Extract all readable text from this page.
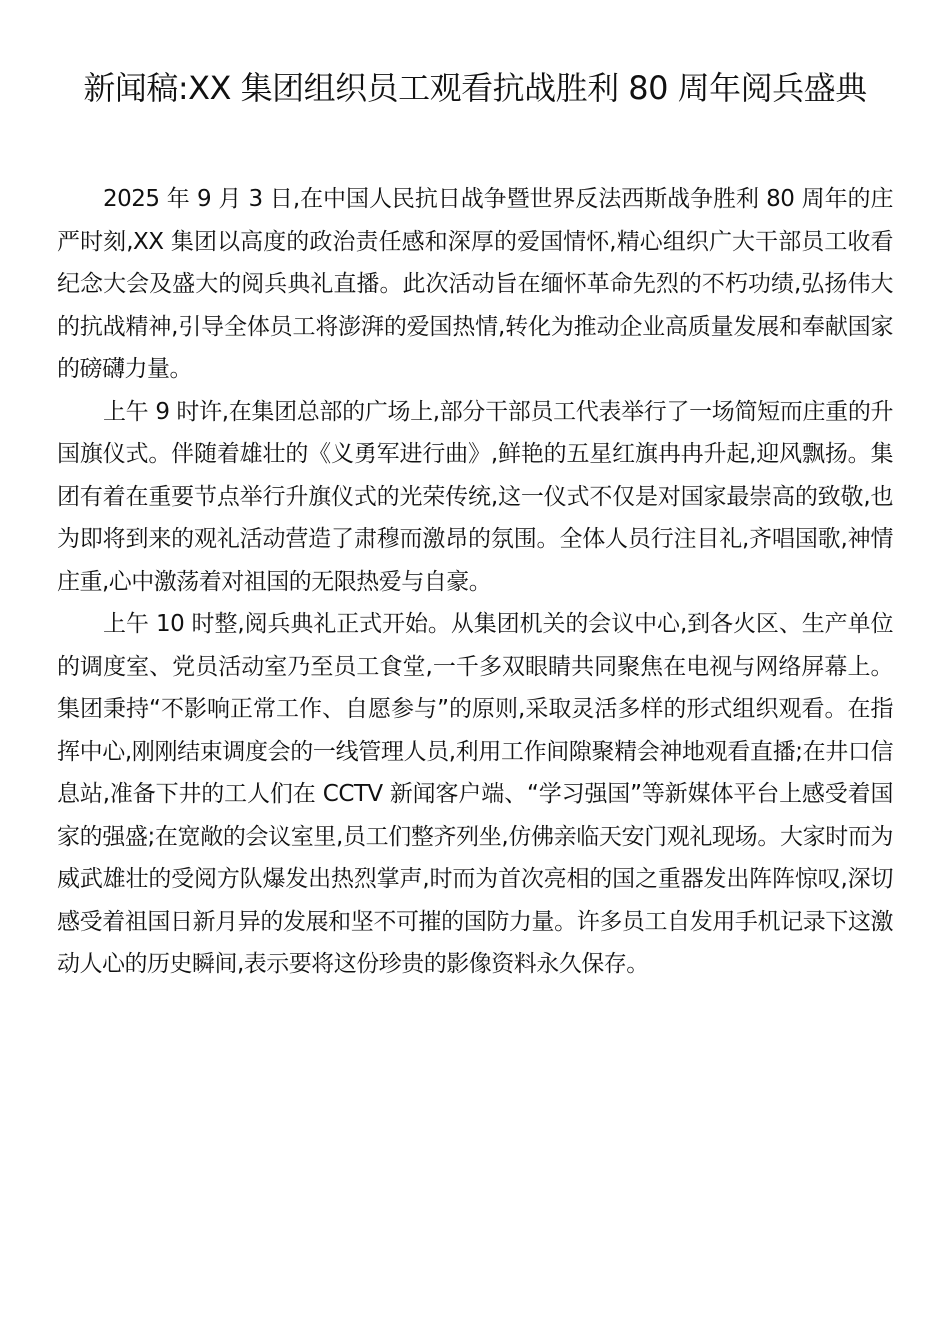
新闻稿:XX 集团组织员工观看抗战胜利 80 周年阅兵盛典

2025 年 9 月 3 日,在中国人民抗日战争暨世界反法西斯战争胜利 80 周年的庄严时刻,XX 集团以高度的政治责任感和深厚的爱国情怀,精心组织广大干部员工收看纪念大会及盛大的阅兵典礼直播。此次活动旨在缅怀革命先烈的不朽功绩,弘扬伟大的抗战精神,引导全体员工将澎湃的爱国热情,转化为推动企业高质量发展和奉献国家的磅礴力量。

上午 9 时许,在集团总部的广场上,部分干部员工代表举行了一场简短而庄重的升国旗仪式。伴随着雄壮的《义勇军进行曲》,鲜艳的五星红旗冉冉升起,迎风飘扬。集团有着在重要节点举行升旗仪式的光荣传统,这一仪式不仅是对国家最崇高的致敬,也为即将到来的观礼活动营造了肃穆而激昂的氛围。全体人员行注目礼,齐唱国歌,神情庄重,心中激荡着对祖国的无限热爱与自豪。

上午 10 时整,阅兵典礼正式开始。从集团机关的会议中心,到各火区、生产单位的调度室、党员活动室乃至员工食堂,一千多双眼睛共同聚焦在电视与网络屏幕上。集团秉持“不影响正常工作、自愿参与”的原则,采取灵活多样的形式组织观看。在指挥中心,刚刚结束调度会的一线管理人员,利用工作间隙聚精会神地观看直播;在井口信息站,准备下井的工人们在 CCTV 新闻客户端、“学习强国”等新媒体平台上感受着国家的强盛;在宽敞的会议室里,员工们整齐列坐,仿佛亲临天安门观礼现场。大家时而为威武雄壮的受阅方队爆发出热烈掌声,时而为首次亮相的国之重器发出阵阵惊叹,深切感受着祖国日新月异的发展和坚不可摧的国防力量。许多员工自发用手机记录下这激动人心的历史瞬间,表示要将这份珍贵的影像资料永久保存。
